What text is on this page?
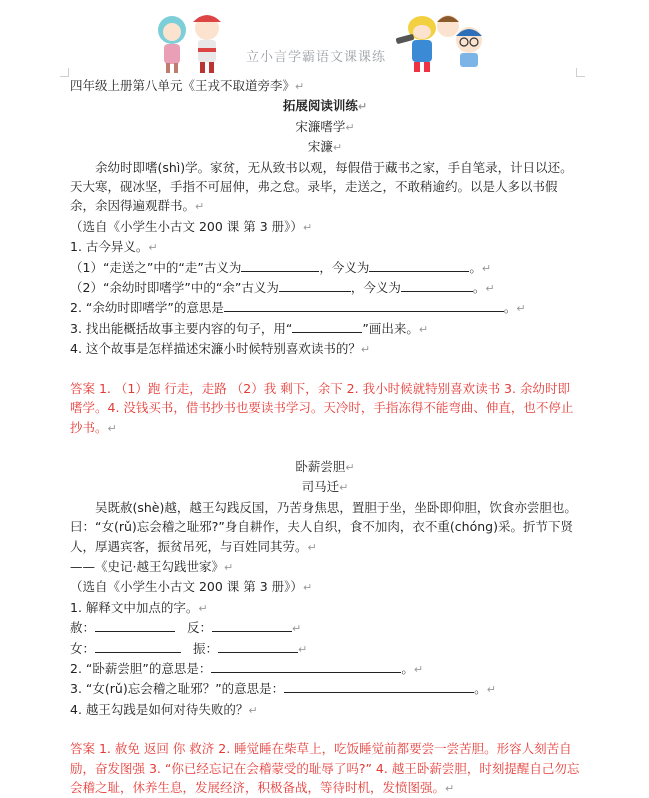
立小言学霸语文课课练
四年级上册第八单元《王戎不取道旁李》↵
拓展阅读训练↵
宋濂嗜学↵
宋濂↵
余幼时即嗜(shì)学。家贫，无从致书以观，每假借于藏书之家，手自笔录，计日以还。天大寒，砚冰坚，手指不可屈伸，弗之怠。录毕，走送之，不敢稍逾约。以是人多以书假余，余因得遍观群书。↵
（选自《小学生小古文 200 课 第 3 册》）↵
1. 古今异义。↵
（1）“走送之”中的“走”古义为	，今义为	。↵
（2）“余幼时即嗜学”中的“余”古义为	，今义为	。↵
2. “余幼时即嗜学”的意思是	。↵
3. 找出能概括故事主要内容的句子，用“	”画出来。↵
4. 这个故事是怎样描述宋濂小时候特别喜欢读书的？↵
答案 1. （1）跑 行走，走路 （2）我 剩下，余下 2. 我小时候就特别喜欢读书 3. 余幼时即嗜学。4. 没钱买书，借书抄书也要读书学习。天冷时，手指冻得不能弯曲、伸直，也不停止抄书。↵
卧薪尝胆↵
司马迁↵
吴既赦(shè)越，越王勾践反国，乃苦身焦思，置胆于坐，坐卧即仰胆，饮食亦尝胆也。曰：“女(rǔ)忘会稽之耻邪?”身自耕作，夫人自织，食不加肉，衣不重(chóng)采。折节下贤人，厚遇宾客，振贫吊死，与百姓同其劳。↵
——《史记·越王勾践世家》↵
（选自《小学生小古文 200 课 第 3 册》）↵
1. 解释文中加点的字。↵
赦：	反：	↵
女：	振：	↵
2. “卧薪尝胆”的意思是：	。↵
3. “女(rǔ)忘会稽之耻邪？”的意思是：	。↵
4. 越王勾践是如何对待失败的？↵
答案 1. 赦免 返回 你 救济 2. 睡觉睡在柴草上，吃饭睡觉前都要尝一尝苦胆。形容人刻苦自励，奋发图强 3. “你已经忘记在会稽蒙受的耻辱了吗?” 4. 越王卧薪尝胆，时刻提醒自己勿忘会稽之耻，休养生息，发展经济，积极备战，等待时机，发愤图强。↵
